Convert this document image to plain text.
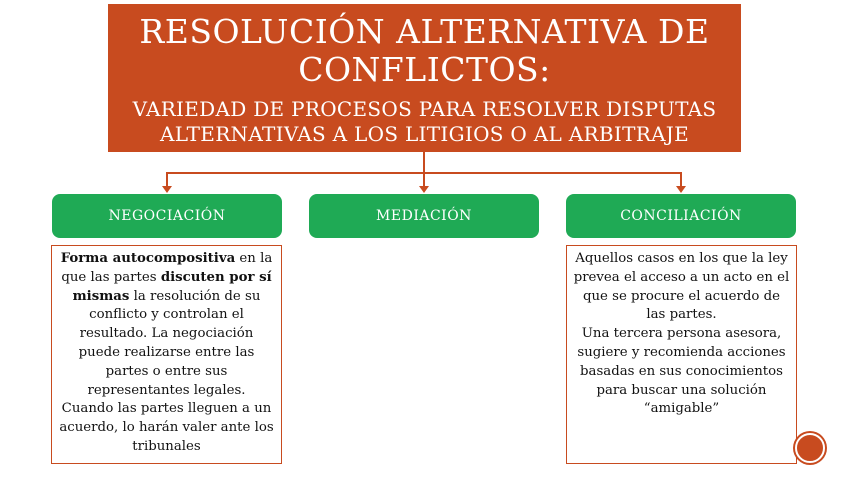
RESOLUCIÓN ALTERNATIVA DE
CONFLICTOS:
VARIEDAD DE PROCESOS PARA RESOLVER DISPUTAS
ALTERNATIVAS A LOS LITIGIOS O AL ARBITRAJE
NEGOCIACIÓN	MEDIACIÓN	CONCILIACIÓN
Forma autocompositiva en la que las partes discuten por sí mismas la resolución de su conflicto y controlan el resultado. La negociación puede realizarse entre las partes o entre sus representantes legales.
Cuando las partes lleguen a un acuerdo, lo harán valer ante los tribunales
Aquellos casos en los que la ley prevea el acceso a un acto en el que se procure el acuerdo de las partes.
Una tercera persona asesora, sugiere y recomienda acciones basadas en sus conocimientos para buscar una solución “amigable”
